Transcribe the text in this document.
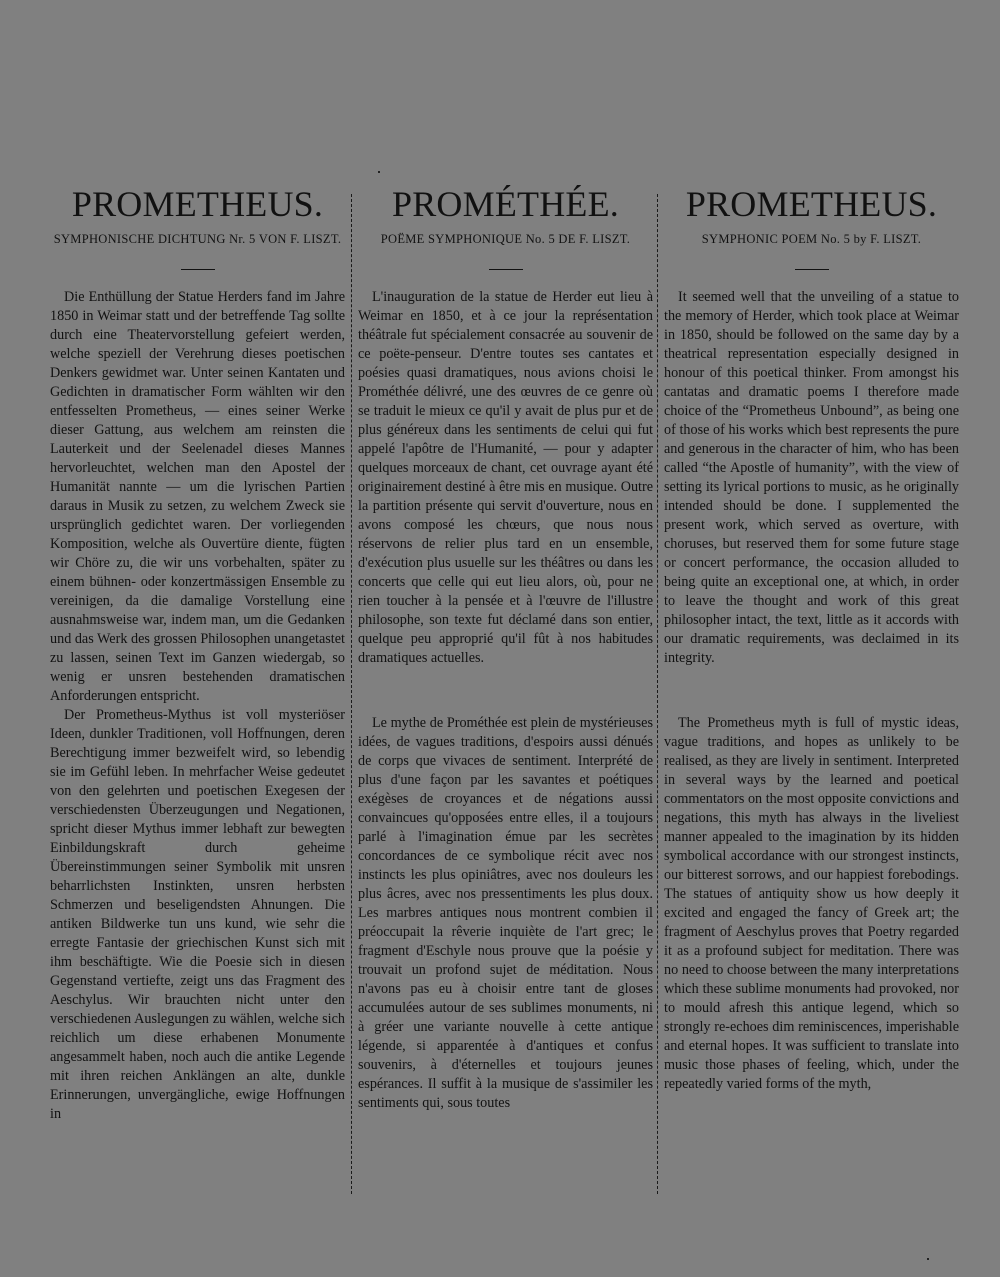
PROMETHEUS.
SYMPHONISCHE DICHTUNG Nr. 5 VON F. LISZT.

Die Enthüllung der Statue Herders fand im Jahre 1850 in Weimar statt und der betreffende Tag sollte durch eine Theatervorstellung gefeiert werden, welche speziell der Verehrung dieses poetischen Denkers gewidmet war. Unter seinen Kantaten und Gedichten in dramatischer Form wählten wir den entfesselten Prometheus, — eines seiner Werke dieser Gattung, aus welchem am reinsten die Lauterkeit und der Seelenadel dieses Mannes hervorleuchtet, welchen man den Apostel der Humanität nannte — um die lyrischen Partien daraus in Musik zu setzen, zu welchem Zweck sie ursprünglich gedichtet waren. Der vorliegenden Komposition, welche als Ouvertüre diente, fügten wir Chöre zu, die wir uns vorbehalten, später zu einem bühnen- oder konzertmässigen Ensemble zu vereinigen, da die damalige Vorstellung eine ausnahmsweise war, indem man, um die Gedanken und das Werk des grossen Philosophen unangetastet zu lassen, seinen Text im Ganzen wiedergab, so wenig er unsren bestehenden dramatischen Anforderungen entspricht.

Der Prometheus-Mythus ist voll mysteriöser Ideen, dunkler Traditionen, voll Hoffnungen, deren Berechtigung immer bezweifelt wird, so lebendig sie im Gefühl leben. In mehrfacher Weise gedeutet von den gelehrten und poetischen Exegesen der verschiedensten Überzeugungen und Negationen, spricht dieser Mythus immer lebhaft zur bewegten Einbildungskraft durch geheime Übereinstimmungen seiner Symbolik mit unsren beharrlichsten Instinkten, unsren herbsten Schmerzen und beseligendsten Ahnungen. Die antiken Bildwerke tun uns kund, wie sehr die erregte Fantasie der griechischen Kunst sich mit ihm beschäftigte. Wie die Poesie sich in diesen Gegenstand vertiefte, zeigt uns das Fragment des Aeschylus. Wir brauchten nicht unter den verschiedenen Auslegungen zu wählen, welche sich reichlich um diese erhabenen Monumente angesammelt haben, noch auch die antike Legende mit ihren reichen Anklängen an alte, dunkle Erinnerungen, unvergängliche, ewige Hoffnungen in

PROMÉTHÉE.
POËME SYMPHONIQUE No. 5 DE F. LISZT.

L'inauguration de la statue de Herder eut lieu à Weimar en 1850, et à ce jour la représentation théâtrale fut spécialement consacrée au souvenir de ce poëte-penseur. D'entre toutes ses cantates et poésies quasi dramatiques, nous avions choisi le Prométhée délivré, une des œuvres de ce genre où se traduit le mieux ce qu'il y avait de plus pur et de plus généreux dans les sentiments de celui qui fut appelé l'apôtre de l'Humanité, — pour y adapter quelques morceaux de chant, cet ouvrage ayant été originairement destiné à être mis en musique. Outre la partition présente qui servit d'ouverture, nous en avons composé les chœurs, que nous nous réservons de relier plus tard en un ensemble, d'exécution plus usuelle sur les théâtres ou dans les concerts que celle qui eut lieu alors, où, pour ne rien toucher à la pensée et à l'œuvre de l'illustre philosophe, son texte fut déclamé dans son entier, quelque peu approprié qu'il fût à nos habitudes dramatiques actuelles.

Le mythe de Prométhée est plein de mystérieuses idées, de vagues traditions, d'espoirs aussi dénués de corps que vivaces de sentiment. Interprété de plus d'une façon par les savantes et poétiques exégèses de croyances et de négations aussi convaincues qu'opposées entre elles, il a toujours parlé à l'imagination émue par les secrètes concordances de ce symbolique récit avec nos instincts les plus opiniâtres, avec nos douleurs les plus âcres, avec nos pressentiments les plus doux. Les marbres antiques nous montrent combien il préoccupait la rêverie inquiète de l'art grec; le fragment d'Eschyle nous prouve que la poésie y trouvait un profond sujet de méditation. Nous n'avons pas eu à choisir entre tant de gloses accumulées autour de ses sublimes monuments, ni à gréer une variante nouvelle à cette antique légende, si apparentée à d'antiques et confus souvenirs, à d'éternelles et toujours jeunes espérances. Il suffit à la musique de s'assimiler les sentiments qui, sous toutes

PROMETHEUS.
SYMPHONIC POEM No. 5 by F. LISZT.

It seemed well that the unveiling of a statue to the memory of Herder, which took place at Weimar in 1850, should be followed on the same day by a theatrical representation especially designed in honour of this poetical thinker. From amongst his cantatas and dramatic poems I therefore made choice of the “Prometheus Unbound”, as being one of those of his works which best represents the pure and generous in the character of him, who has been called “the Apostle of humanity”, with the view of setting its lyrical portions to music, as he originally intended should be done. I supplemented the present work, which served as overture, with choruses, but reserved them for some future stage or concert performance, the occasion alluded to being quite an exceptional one, at which, in order to leave the thought and work of this great philosopher intact, the text, little as it accords with our dramatic requirements, was declaimed in its integrity.

The Prometheus myth is full of mystic ideas, vague traditions, and hopes as unlikely to be realised, as they are lively in sentiment. Interpreted in several ways by the learned and poetical commentators on the most opposite convictions and negations, this myth has always in the liveliest manner appealed to the imagination by its hidden symbolical accordance with our strongest instincts, our bitterest sorrows, and our happiest forebodings. The statues of antiquity show us how deeply it excited and engaged the fancy of Greek art; the fragment of Aeschylus proves that Poetry regarded it as a profound subject for meditation. There was no need to choose between the many interpretations which these sublime monuments had provoked, nor to mould afresh this antique legend, which so strongly re-echoes dim reminiscences, imperishable and eternal hopes. It was sufficient to translate into music those phases of feeling, which, under the repeatedly varied forms of the myth,
